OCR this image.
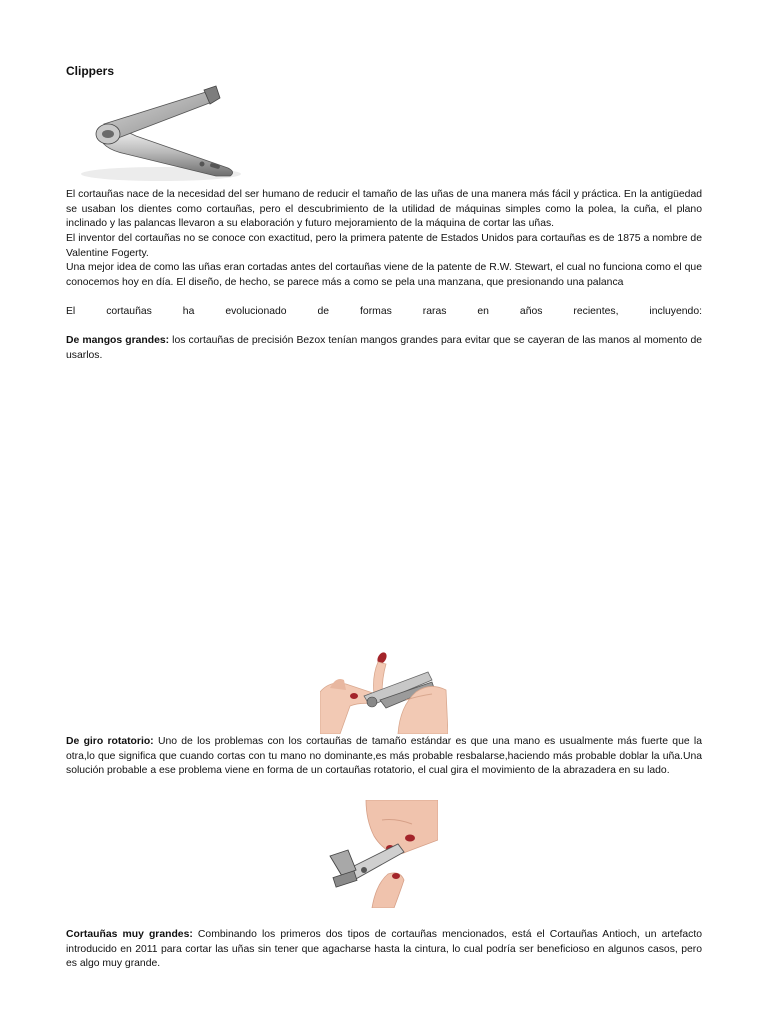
Clippers

El cortauñas nace de la necesidad del ser humano de reducir el tamaño de las uñas de una manera más fácil y práctica. En la antigüedad se usaban los dientes como cortauñas, pero el descubrimiento de la utilidad de máquinas simples como la polea, la cuña, el plano inclinado y las palancas llevaron a su elaboración y futuro mejoramiento de la máquina de cortar las uñas.

El inventor del cortauñas no se conoce con exactitud, pero la primera patente de Estados Unidos para cortauñas es de 1875 a nombre de Valentine Fogerty.

Una mejor idea de como las uñas eran cortadas antes del cortauñas viene de la patente de R.W. Stewart, el cual no funciona como el que conocemos hoy en día. El diseño, de hecho, se parece más a como se pela una manzana, que presionando una palanca

El cortauñas ha evolucionado de formas raras en años recientes, incluyendo:

De mangos grandes: los cortauñas de precisión Bezox tenían mangos grandes para evitar que se cayeran de las manos al momento de usarlos.

De giro rotatorio: Uno de los problemas con los cortauñas de tamaño estándar es que una mano es usualmente más fuerte que la otra,lo que significa que cuando cortas con tu mano no dominante,es más probable resbalarse,haciendo más probable doblar la uña.Una solución probable a ese problema viene en forma de un cortauñas rotatorio, el cual gira el movimiento de la abrazadera en su lado.

Cortauñas muy grandes: Combinando los primeros dos tipos de cortauñas mencionados, está el Cortauñas Antioch, un artefacto introducido en 2011 para cortar las uñas sin tener que agacharse hasta la cintura, lo cual podría ser beneficioso en algunos casos, pero es algo muy grande.
